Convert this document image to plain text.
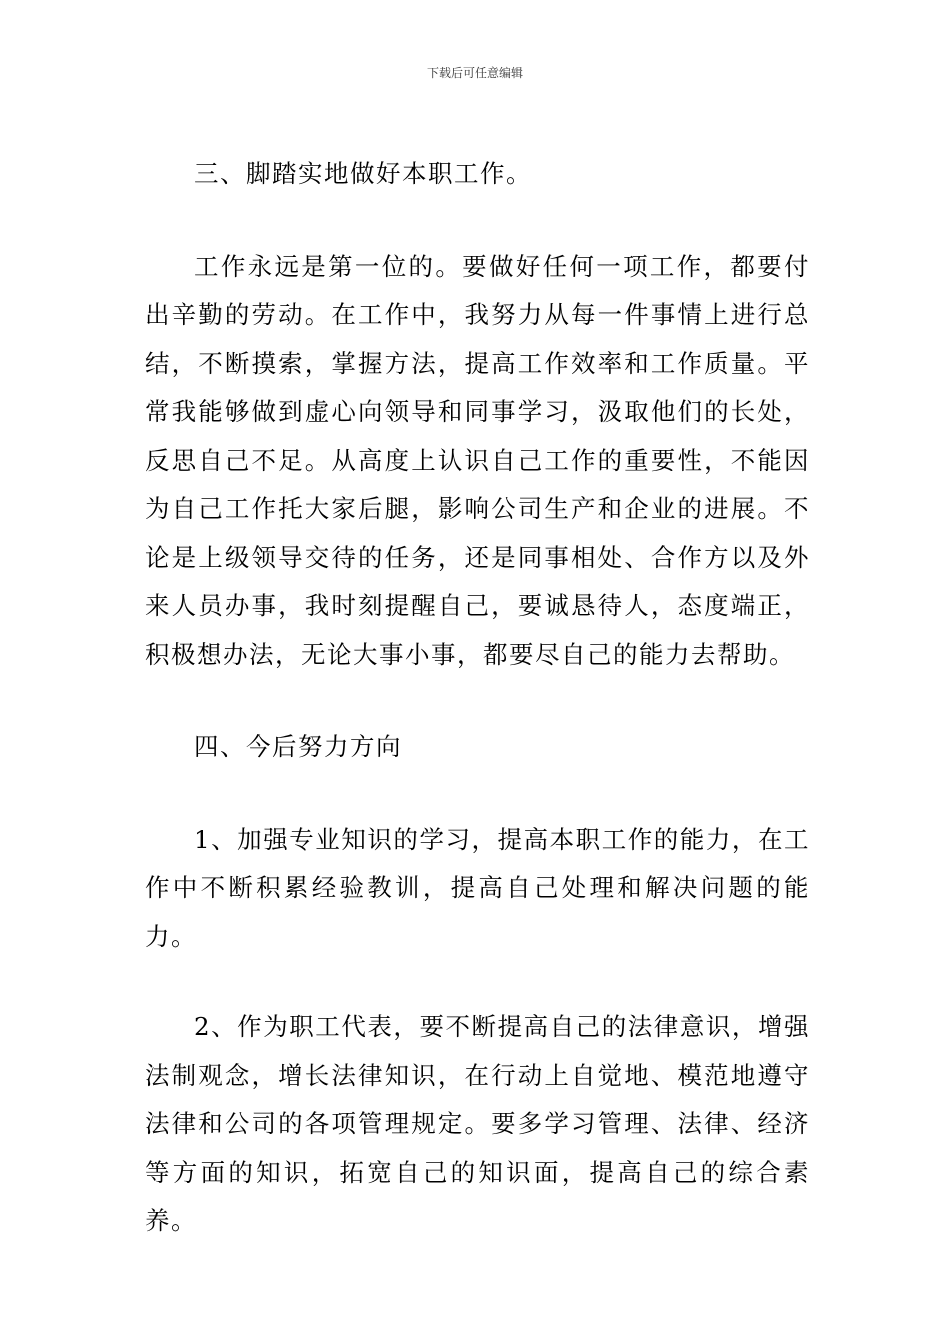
下载后可任意编辑

三、脚踏实地做好本职工作。

工作永远是第一位的。要做好任何一项工作，都要付出辛勤的劳动。在工作中，我努力从每一件事情上进行总结，不断摸索，掌握方法，提高工作效率和工作质量。平常我能够做到虚心向领导和同事学习，汲取他们的长处，反思自己不足。从高度上认识自己工作的重要性，不能因为自己工作托大家后腿，影响公司生产和企业的进展。不论是上级领导交待的任务，还是同事相处、合作方以及外来人员办事，我时刻提醒自己，要诚恳待人，态度端正，积极想办法，无论大事小事，都要尽自己的能力去帮助。

四、今后努力方向

1、加强专业知识的学习，提高本职工作的能力，在工作中不断积累经验教训，提高自己处理和解决问题的能力。

2、作为职工代表，要不断提高自己的法律意识，增强法制观念，增长法律知识，在行动上自觉地、模范地遵守法律和公司的各项管理规定。要多学习管理、法律、经济等方面的知识，拓宽自己的知识面，提高自己的综合素养。
